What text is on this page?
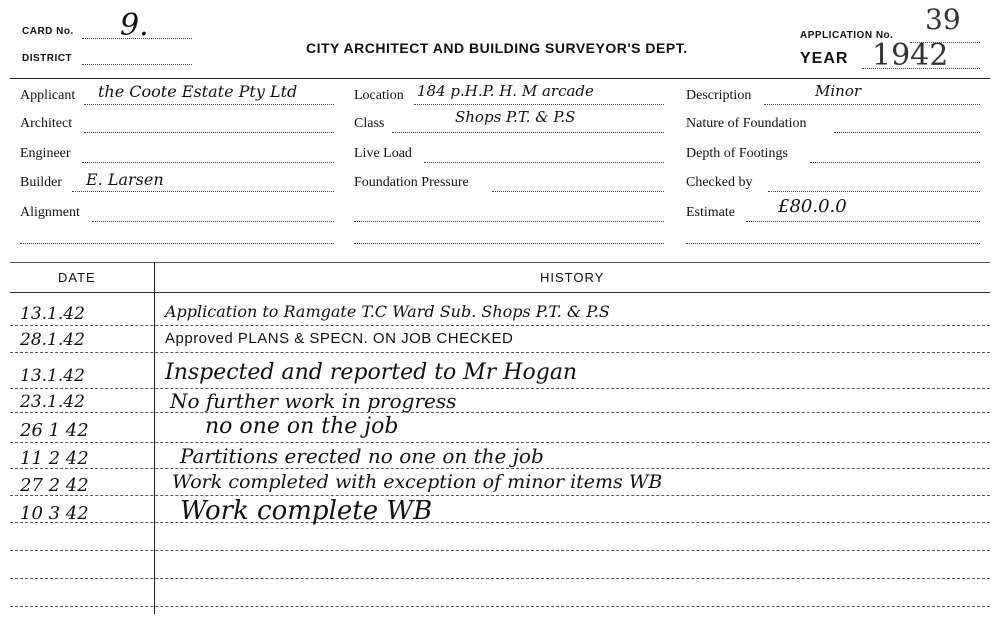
CARD No. 9.
DISTRICT
CITY ARCHITECT AND BUILDING SURVEYOR'S DEPT.
APPLICATION No. 39
YEAR 1942
Applicant the Coote Estate Pty Ltd
Architect
Engineer
Builder E. Larsen
Alignment
Location 184 p.H.P. H. M arcade
Class	Shops P.T. & P.S
Live Load
Foundation Pressure
Description	Minor
Nature of Foundation
Depth of Footings
Checked by
Estimate £80.0.0
DATE	HISTORY
13.1.42	Application to Ramgate T.C Ward Sub. Shops P.T. & P.S
28.1.42	Approved PLANS & SPECN. ON JOB CHECKED
13.1.42	Inspected and reported to Mr Hogan
23.1.42	No further work in progress
26 1 42	no one on the job
11 2 42	Partitions erected no one on the job
27 2 42	Work completed with exception of minor items WB
10 3 42	Work complete WB
